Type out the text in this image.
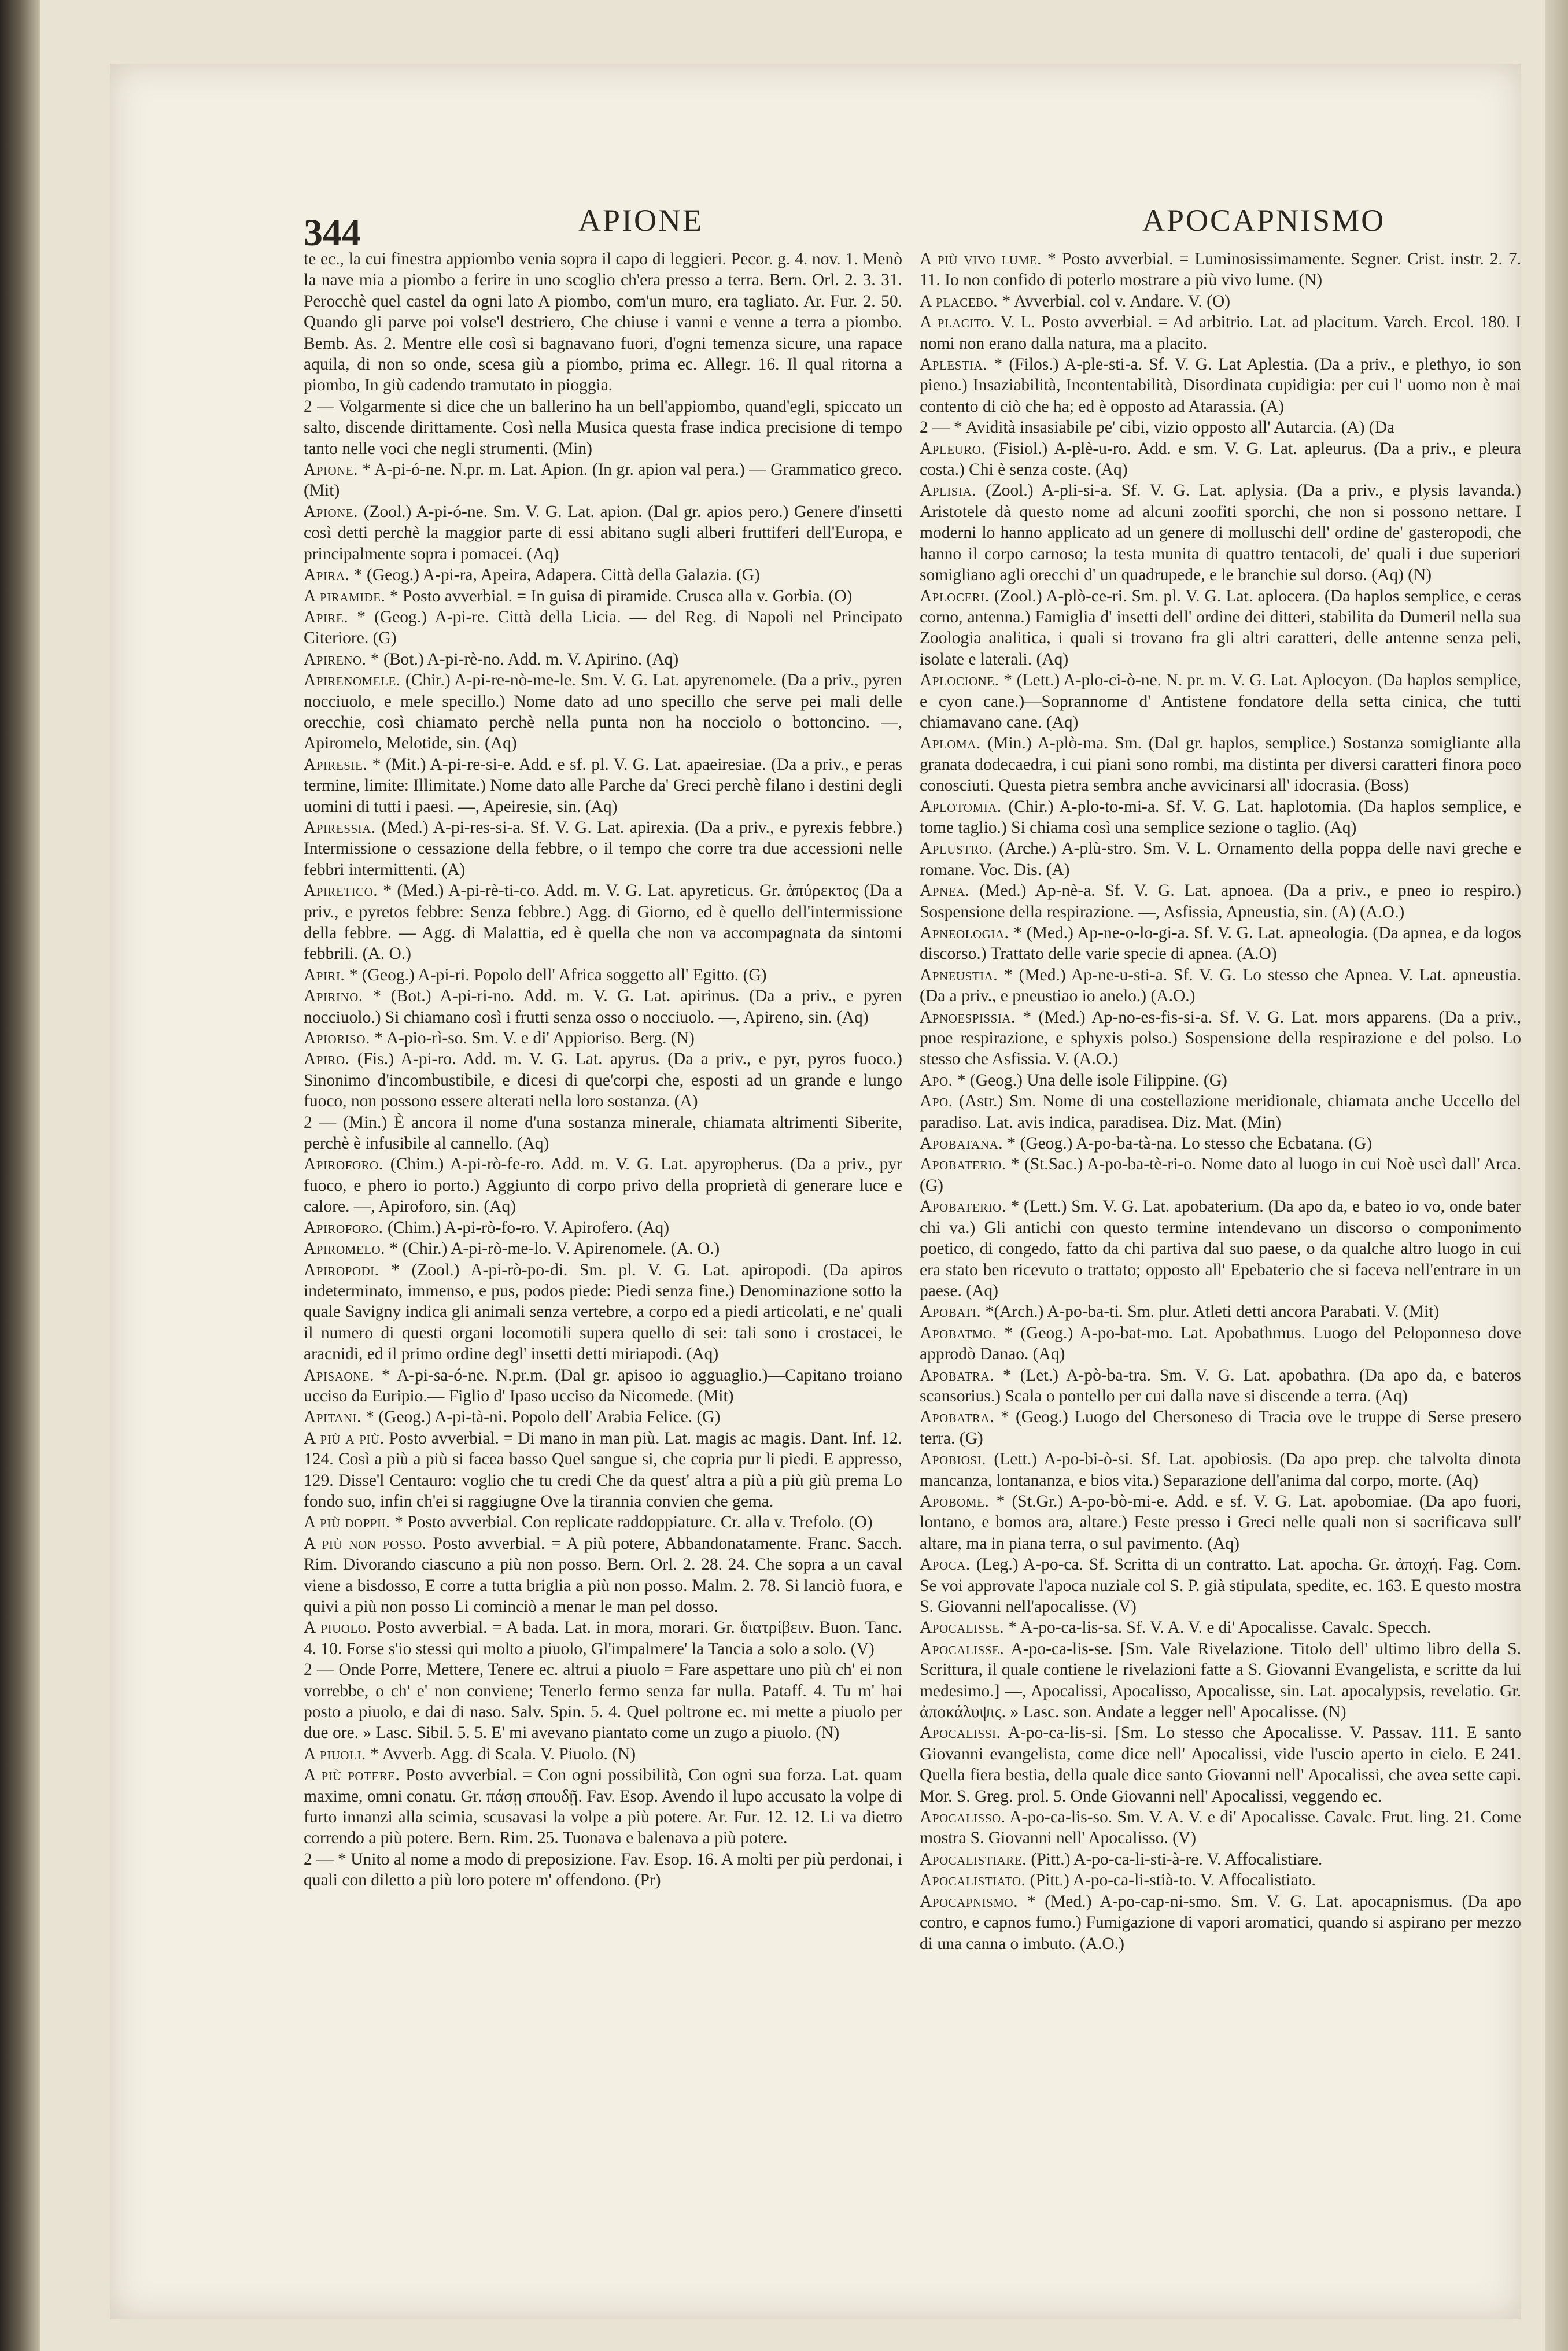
344	APIONE	APOCAPNISMO

te ec., la cui finestra appiombo venia sopra il capo di leggieri. Pecor. g. 4. nov. 1. Menò la nave mia a piombo a ferire in uno scoglio ch'era presso a terra. Bern. Orl. 2. 3. 31. Perocchè quel castel da ogni lato A piombo, com'un muro, era tagliato. Ar. Fur. 2. 50. Quando gli parve poi volse'l destriero, Che chiuse i vanni e venne a terra a piombo. Bemb. As. 2. Mentre elle così si bagnavano fuori, d'ogni temenza sicure, una rapace aquila, di non so onde, scesa giù a piombo, prima ec. Allegr. 16. Il qual ritorna a piombo, In giù cadendo tramutato in pioggia.

2 — Volgarmente si dice che un ballerino ha un bell'appiombo, quand'egli, spiccato un salto, discende dirittamente. Così nella Musica questa frase indica precisione di tempo tanto nelle voci che negli strumenti. (Min)

Apione. * A-pi-ó-ne. N.pr. m. Lat. Apion. (In gr. apion val pera.) — Grammatico greco. (Mit)

Apione. (Zool.) A-pi-ó-ne. Sm. V. G. Lat. apion. (Dal gr. apios pero.) Genere d'insetti così detti perchè la maggior parte di essi abitano sugli alberi fruttiferi dell'Europa, e principalmente sopra i pomacei. (Aq)

Apira. * (Geog.) A-pi-ra, Apeira, Adapera. Città della Galazia. (G)

A piramide. * Posto avverbial. = In guisa di piramide. Crusca alla v. Gorbia. (O)

Apire. * (Geog.) A-pi-re. Città della Licia. — del Reg. di Napoli nel Principato Citeriore. (G)

Apireno. * (Bot.) A-pi-rè-no. Add. m. V. Apirino. (Aq)

Apirenomele. (Chir.) A-pi-re-nò-me-le. Sm. V. G. Lat. apyrenomele. (Da a priv., pyren nocciuolo, e mele specillo.) Nome dato ad uno specillo che serve pei mali delle orecchie, così chiamato perchè nella punta non ha nocciolo o bottoncino. —, Apiromelo, Melotide, sin. (Aq)

Apiresie. * (Mit.) A-pi-re-si-e. Add. e sf. pl. V. G. Lat. apaeiresiae. (Da a priv., e peras termine, limite: Illimitate.) Nome dato alle Parche da' Greci perchè filano i destini degli uomini di tutti i paesi. —, Apeiresie, sin. (Aq)

Apiressia. (Med.) A-pi-res-si-a. Sf. V. G. Lat. apirexia. (Da a priv., e pyrexis febbre.) Intermissione o cessazione della febbre, o il tempo che corre tra due accessioni nelle febbri intermittenti. (A)

Apiretico. * (Med.) A-pi-rè-ti-co. Add. m. V. G. Lat. apyreticus. Gr. ἀπύρεκτος (Da a priv., e pyretos febbre: Senza febbre.) Agg. di Giorno, ed è quello dell'intermissione della febbre. — Agg. di Malattia, ed è quella che non va accompagnata da sintomi febbrili. (A. O.)

Apiri. * (Geog.) A-pi-ri. Popolo dell' Africa soggetto all' Egitto. (G)

Apirino. * (Bot.) A-pi-ri-no. Add. m. V. G. Lat. apirinus. (Da a priv., e pyren nocciuolo.) Si chiamano così i frutti senza osso o nocciuolo. —, Apireno, sin. (Aq)

Apioriso. * A-pio-rì-so. Sm. V. e di' Appioriso. Berg. (N)

Apiro. (Fis.) A-pi-ro. Add. m. V. G. Lat. apyrus. (Da a priv., e pyr, pyros fuoco.) Sinonimo d'incombustibile, e dicesi di que'corpi che, esposti ad un grande e lungo fuoco, non possono essere alterati nella loro sostanza. (A)

2 — (Min.) È ancora il nome d'una sostanza minerale, chiamata altrimenti Siberite, perchè è infusibile al cannello. (Aq)

Apiroforo. (Chim.) A-pi-rò-fe-ro. Add. m. V. G. Lat. apyropherus. (Da a priv., pyr fuoco, e phero io porto.) Aggiunto di corpo privo della proprietà di generare luce e calore. —, Apiroforo, sin. (Aq)

Apiroforo. (Chim.) A-pi-rò-fo-ro. V. Apirofero. (Aq)

Apiromelo. * (Chir.) A-pi-rò-me-lo. V. Apirenomele. (A. O.)

Apiropodi. * (Zool.) A-pi-rò-po-di. Sm. pl. V. G. Lat. apiropodi. (Da apiros indeterminato, immenso, e pus, podos piede: Piedi senza fine.) Denominazione sotto la quale Savigny indica gli animali senza vertebre, a corpo ed a piedi articolati, e ne' quali il numero di questi organi locomotili supera quello di sei: tali sono i crostacei, le aracnidi, ed il primo ordine degl' insetti detti miriapodi. (Aq)

Apisaone. * A-pi-sa-ó-ne. N.pr.m. (Dal gr. apisoo io agguaglio.)—Capitano troiano ucciso da Euripio.— Figlio d' Ipaso ucciso da Nicomede. (Mit)

Apitani. * (Geog.) A-pi-tà-ni. Popolo dell' Arabia Felice. (G)

A più a più. Posto avverbial. = Di mano in man più. Lat. magis ac magis. Dant. Inf. 12. 124. Così a più a più si facea basso Quel sangue si, che copria pur li piedi. E appresso, 129. Disse'l Centauro: voglio che tu credi Che da quest' altra a più a più giù prema Lo fondo suo, infin ch'ei si raggiugne Ove la tirannia convien che gema.

A più doppii. * Posto avverbial. Con replicate raddoppiature. Cr. alla v. Trefolo. (O)

A più non posso. Posto avverbial. = A più potere, Abbandonatamente. Franc. Sacch. Rim. Divorando ciascuno a più non posso. Bern. Orl. 2. 28. 24. Che sopra a un caval viene a bisdosso, E corre a tutta briglia a più non posso. Malm. 2. 78. Si lanciò fuora, e quivi a più non posso Li cominciò a menar le man pel dosso.

A piuolo. Posto avverbial. = A bada. Lat. in mora, morari. Gr. διατρίβειν. Buon. Tanc. 4. 10. Forse s'io stessi qui molto a piuolo, Gl'impalmere' la Tancia a solo a solo. (V)

2 — Onde Porre, Mettere, Tenere ec. altrui a piuolo = Fare aspettare uno più ch' ei non vorrebbe, o ch' e' non conviene; Tenerlo fermo senza far nulla. Pataff. 4. Tu m' hai posto a piuolo, e dai di naso. Salv. Spin. 5. 4. Quel poltrone ec. mi mette a piuolo per due ore. » Lasc. Sibil. 5. 5. E' mi avevano piantato come un zugo a piuolo. (N)

A piuoli. * Avverb. Agg. di Scala. V. Piuolo. (N)

A più potere. Posto avverbial. = Con ogni possibilità, Con ogni sua forza. Lat. quam maxime, omni conatu. Gr. πάσῃ σπουδῇ. Fav. Esop. Avendo il lupo accusato la volpe di furto innanzi alla scimia, scusavasi la volpe a più potere. Ar. Fur. 12. 12. Li va dietro correndo a più potere. Bern. Rim. 25. Tuonava e balenava a più potere.

2 — * Unito al nome a modo di preposizione. Fav. Esop. 16. A molti per più perdonai, i quali con diletto a più loro potere m' offendono. (Pr)

A più vivo lume. * Posto avverbial. = Luminosissimamente. Segner. Crist. instr. 2. 7. 11. Io non confido di poterlo mostrare a più vivo lume. (N)

A placebo. * Avverbial. col v. Andare. V. (O)

A placito. V. L. Posto avverbial. = Ad arbitrio. Lat. ad placitum. Varch. Ercol. 180. I nomi non erano dalla natura, ma a placito.

Aplestia. * (Filos.) A-ple-sti-a. Sf. V. G. Lat Aplestia. (Da a priv., e plethyo, io son pieno.) Insaziabilità, Incontentabilità, Disordinata cupidigia: per cui l' uomo non è mai contento di ciò che ha; ed è opposto ad Atarassia. (A)

2 — * Avidità insasiabile pe' cibi, vizio opposto all' Autarcia. (A) (Da

Apleuro. (Fisiol.) A-plè-u-ro. Add. e sm. V. G. Lat. apleurus. (Da a priv., e pleura costa.) Chi è senza coste. (Aq)

Aplisia. (Zool.) A-pli-si-a. Sf. V. G. Lat. aplysia. (Da a priv., e plysis lavanda.) Aristotele dà questo nome ad alcuni zoofiti sporchi, che non si possono nettare. I moderni lo hanno applicato ad un genere di molluschi dell' ordine de' gasteropodi, che hanno il corpo carnoso; la testa munita di quattro tentacoli, de' quali i due superiori somigliano agli orecchi d' un quadrupede, e le branchie sul dorso. (Aq) (N)

Aploceri. (Zool.) A-plò-ce-ri. Sm. pl. V. G. Lat. aplocera. (Da haplos semplice, e ceras corno, antenna.) Famiglia d' insetti dell' ordine dei ditteri, stabilita da Dumeril nella sua Zoologia analitica, i quali si trovano fra gli altri caratteri, delle antenne senza peli, isolate e laterali. (Aq)

Aplocione. * (Lett.) A-plo-ci-ò-ne. N. pr. m. V. G. Lat. Aplocyon. (Da haplos semplice, e cyon cane.)—Soprannome d' Antistene fondatore della setta cinica, che tutti chiamavano cane. (Aq)

Aploma. (Min.) A-plò-ma. Sm. (Dal gr. haplos, semplice.) Sostanza somigliante alla granata dodecaedra, i cui piani sono rombi, ma distinta per diversi caratteri finora poco conosciuti. Questa pietra sembra anche avvicinarsi all' idocrasia. (Boss)

Aplotomia. (Chir.) A-plo-to-mi-a. Sf. V. G. Lat. haplotomia. (Da haplos semplice, e tome taglio.) Si chiama così una semplice sezione o taglio. (Aq)

Aplustro. (Arche.) A-plù-stro. Sm. V. L. Ornamento della poppa delle navi greche e romane. Voc. Dis. (A)

Apnea. (Med.) Ap-nè-a. Sf. V. G. Lat. apnoea. (Da a priv., e pneo io respiro.) Sospensione della respirazione. —, Asfissia, Apneustia, sin. (A) (A.O.)

Apneologia. * (Med.) Ap-ne-o-lo-gi-a. Sf. V. G. Lat. apneologia. (Da apnea, e da logos discorso.) Trattato delle varie specie di apnea. (A.O)

Apneustia. * (Med.) Ap-ne-u-sti-a. Sf. V. G. Lo stesso che Apnea. V. Lat. apneustia. (Da a priv., e pneustiao io anelo.) (A.O.)

Apnoespissia. * (Med.) Ap-no-es-fis-si-a. Sf. V. G. Lat. mors apparens. (Da a priv., pnoe respirazione, e sphyxis polso.) Sospensione della respirazione e del polso. Lo stesso che Asfissia. V. (A.O.)

Apo. * (Geog.) Una delle isole Filippine. (G)

Apo. (Astr.) Sm. Nome di una costellazione meridionale, chiamata anche Uccello del paradiso. Lat. avis indica, paradisea. Diz. Mat. (Min)

Apobatana. * (Geog.) A-po-ba-tà-na. Lo stesso che Ecbatana. (G)

Apobaterio. * (St.Sac.) A-po-ba-tè-ri-o. Nome dato al luogo in cui Noè uscì dall' Arca. (G)

Apobaterio. * (Lett.) Sm. V. G. Lat. apobaterium. (Da apo da, e bateo io vo, onde bater chi va.) Gli antichi con questo termine intendevano un discorso o componimento poetico, di congedo, fatto da chi partiva dal suo paese, o da qualche altro luogo in cui era stato ben ricevuto o trattato; opposto all' Epebaterio che si faceva nell'entrare in un paese. (Aq)

Apobati. *(Arch.) A-po-ba-ti. Sm. plur. Atleti detti ancora Parabati. V. (Mit)

Apobatmo. * (Geog.) A-po-bat-mo. Lat. Apobathmus. Luogo del Peloponneso dove approdò Danao. (Aq)

Apobatra. * (Let.) A-pò-ba-tra. Sm. V. G. Lat. apobathra. (Da apo da, e bateros scansorius.) Scala o pontello per cui dalla nave si discende a terra. (Aq)

Apobatra. * (Geog.) Luogo del Chersoneso di Tracia ove le truppe di Serse presero terra. (G)

Apobiosi. (Lett.) A-po-bi-ò-si. Sf. Lat. apobiosis. (Da apo prep. che talvolta dinota mancanza, lontananza, e bios vita.) Separazione dell'anima dal corpo, morte. (Aq)

Apobome. * (St.Gr.) A-po-bò-mi-e. Add. e sf. V. G. Lat. apobomiae. (Da apo fuori, lontano, e bomos ara, altare.) Feste presso i Greci nelle quali non si sacrificava sull' altare, ma in piana terra, o sul pavimento. (Aq)

Apoca. (Leg.) A-po-ca. Sf. Scritta di un contratto. Lat. apocha. Gr. ἀποχή. Fag. Com. Se voi approvate l'apoca nuziale col S. P. già stipulata, spedite, ec. 163. E questo mostra S. Giovanni nell'apocalisse. (V)

Apocalisse. * A-po-ca-lis-sa. Sf. V. A. V. e di' Apocalisse. Cavalc. Specch.

Apocalisse. A-po-ca-lis-se. [Sm. Vale Rivelazione. Titolo dell' ultimo libro della S. Scrittura, il quale contiene le rivelazioni fatte a S. Giovanni Evangelista, e scritte da lui medesimo.] —, Apocalissi, Apocalisso, Apocalisse, sin. Lat. apocalypsis, revelatio. Gr. ἀποκάλυψις. » Lasc. son. Andate a legger nell' Apocalisse. (N)

Apocalissi. A-po-ca-lis-si. [Sm. Lo stesso che Apocalisse. V. Passav. 111. E santo Giovanni evangelista, come dice nell' Apocalissi, vide l'uscio aperto in cielo. E 241. Quella fiera bestia, della quale dice santo Giovanni nell' Apocalissi, che avea sette capi. Mor. S. Greg. prol. 5. Onde Giovanni nell' Apocalissi, veggendo ec.

Apocalisso. A-po-ca-lis-so. Sm. V. A. V. e di' Apocalisse. Cavalc. Frut. ling. 21. Come mostra S. Giovanni nell' Apocalisso. (V)

Apocalistiare. (Pitt.) A-po-ca-li-sti-à-re. V. Affocalistiare.

Apocalistiato. (Pitt.) A-po-ca-li-stià-to. V. Affocalistiato.

Apocapnismo. * (Med.) A-po-cap-ni-smo. Sm. V. G. Lat. apocapnismus. (Da apo contro, e capnos fumo.) Fumigazione di vapori aromatici, quando si aspirano per mezzo di una canna o imbuto. (A.O.)
